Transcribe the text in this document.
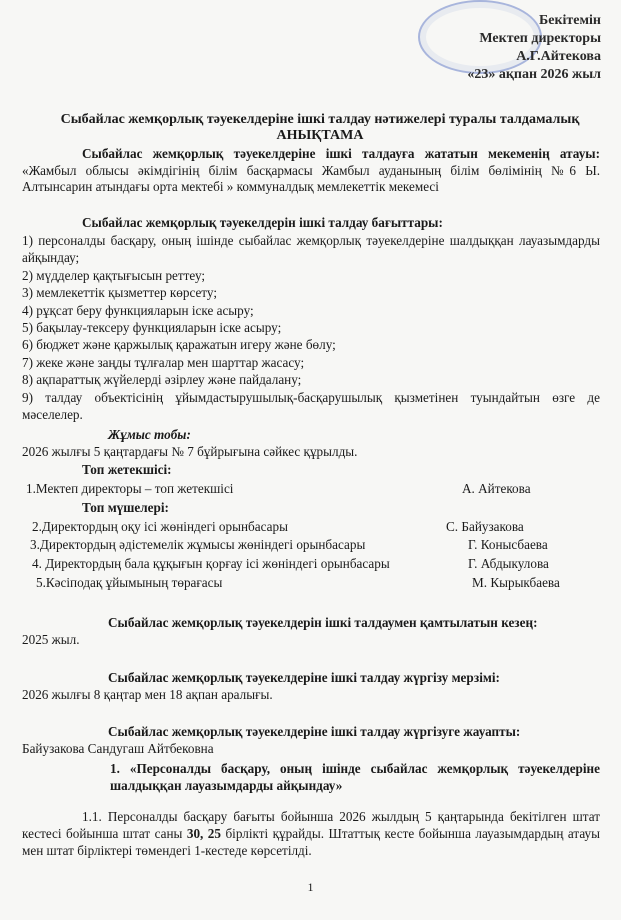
Бекітемін
Мектеп директоры
А.Г.Айтекова
«23» ақпан 2026 жыл
Сыбайлас жемқорлық тәуекелдеріне ішкі талдау нәтижелері туралы талдамалық
АНЫҚТАМА
Сыбайлас жемқорлық тәуекелдеріне ішкі талдауға жататын мекеменің атауы: «Жамбыл облысы әкімдігінің білім басқармасы Жамбыл ауданының білім бөлімінің №6 Ы. Алтынсарин атындағы орта мектебі » коммуналдық мемлекеттік мекемесі
Сыбайлас жемқорлық тәуекелдерін ішкі талдау бағыттары:
1) персоналды басқару, оның ішінде сыбайлас жемқорлық тәуекелдеріне шалдыққан лауазымдарды айқындау;
2) мүдделер қақтығысын реттеу;
3) мемлекеттік қызметтер көрсету;
4) рұқсат беру функцияларын іске асыру;
5) бақылау-тексеру функцияларын іске асыру;
6) бюджет және қаржылық қаражатын игеру және бөлу;
7) жеке және заңды тұлғалар мен шарттар жасасу;
8) ақпараттық жүйелерді әзірлеу және пайдалану;
9) талдау объектісінің ұйымдастырушылық-басқарушылық қызметінен туындайтын өзге де мәселелер.
Жұмыс тобы:
2026 жылғы 5 қаңтардағы № 7 бұйрығына сәйкес құрылды.
Топ жетекшісі:
1.Мектеп директоры – топ жетекшісі	А. Айтекова
Топ мүшелері:
2.Директордың оқу ісі жөніндегі орынбасары	С. Байузакова
3.Директордың әдістемелік жұмысы жөніндегі орынбасары	Г. Конысбаева
4. Директордың бала құқығын қорғау ісі жөніндегі орынбасары	Г. Абдыкулова
5.Кәсіподақ ұйымының төрағасы	М. Кырыкбаева
Сыбайлас жемқорлық тәуекелдерін ішкі талдаумен қамтылатын кезең:
2025 жыл.
Сыбайлас жемқорлық тәуекелдеріне ішкі талдау жүргізу мерзімі:
2026 жылғы 8 қаңтар мен 18 ақпан аралығы.
Сыбайлас жемқорлық тәуекелдеріне ішкі талдау жүргізуге жауапты:
Байузакова Сандугаш Айтбековна
1. «Персоналды басқару, оның ішінде сыбайлас жемқорлық тәуекелдеріне шалдыққан лауазымдарды айқындау»
1.1. Персоналды басқару бағыты бойынша 2026 жылдың 5 қаңтарында бекітілген штат кестесі бойынша штат саны 30, 25 бірлікті құрайды. Штаттық кесте бойынша лауазымдардың атауы мен штат бірліктері төмендегі 1-кестеде көрсетілді.
1
